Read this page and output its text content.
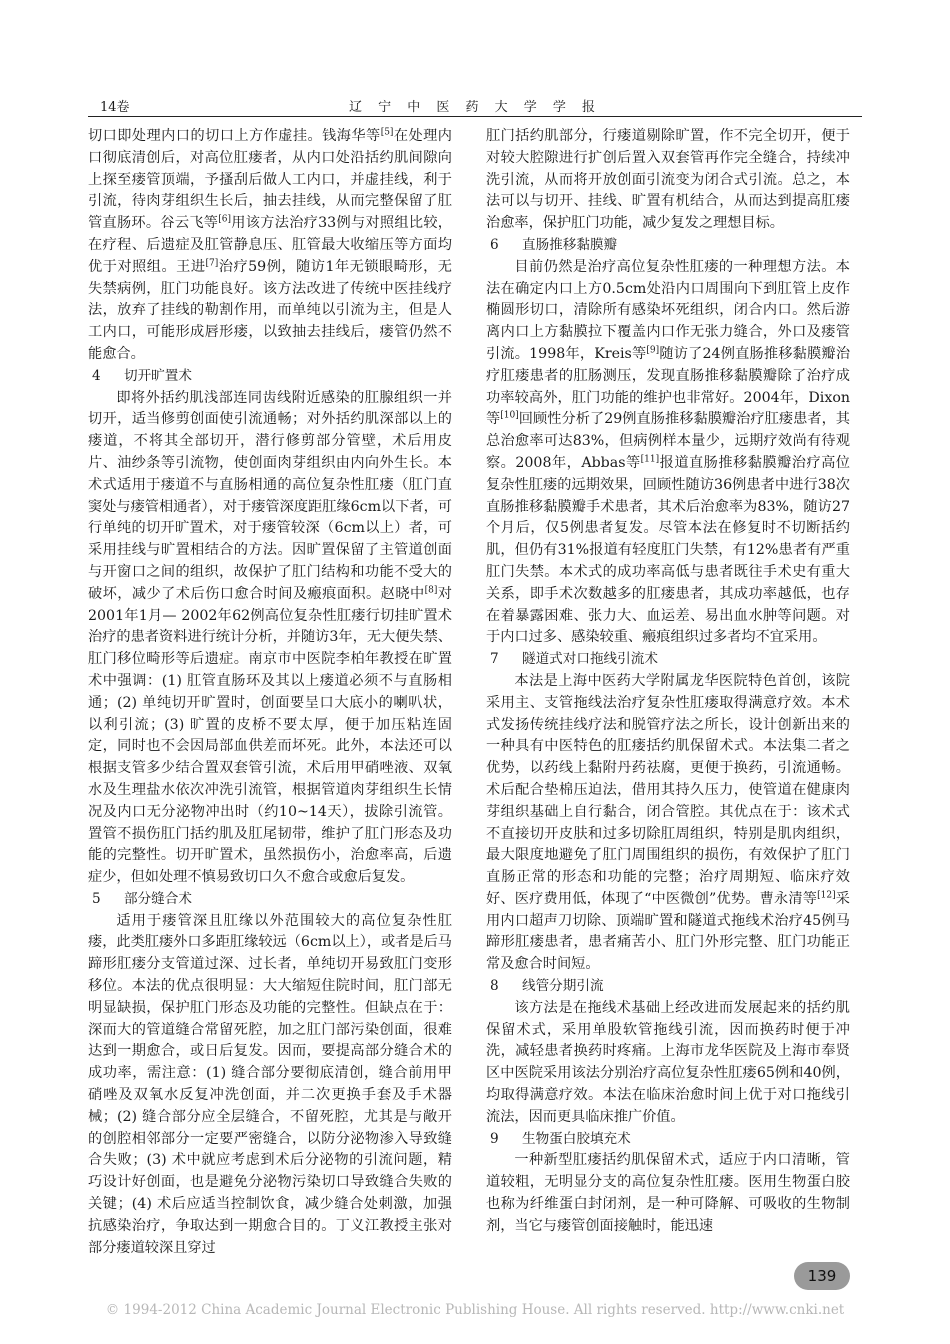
14卷	辽 宁 中 医 药 大 学 学 报

切口即处理内口的切口上方作虚挂。钱海华等[5]在处理内口彻底清创后，对高位肛瘘者，从内口处沿括约肌间隙向上探至瘘管顶端，予搔刮后做人工内口，并虚挂线，利于引流，待肉芽组织生长后，抽去挂线，从而完整保留了肛管直肠环。谷云飞等[6]用该方法治疗33例与对照组比较，在疗程、后遗症及肛管静息压、肛管最大收缩压等方面均优于对照组。王进[7]治疗59例，随访1年无锁眼畸形，无失禁病例，肛门功能良好。该方法改进了传统中医挂线疗法，放弃了挂线的勒割作用，而单纯以引流为主，但是人工内口，可能形成唇形瘘，以致抽去挂线后，瘘管仍然不能愈合。

4 切开旷置术

即将外括约肌浅部连同齿线附近感染的肛腺组织一并切开，适当修剪创面使引流通畅；对外括约肌深部以上的瘘道，不将其全部切开，潜行修剪部分管壁，术后用皮片、油纱条等引流物，使创面肉芽组织由内向外生长。本术式适用于瘘道不与直肠相通的高位复杂性肛瘘（肛门直窦处与瘘管相通者），对于瘘管深度距肛缘6cm以下者，可行单纯的切开旷置术，对于瘘管较深（6cm以上）者，可采用挂线与旷置相结合的方法。因旷置保留了主管道创面与开窗口之间的组织，故保护了肛门结构和功能不受大的破坏，减少了术后伤口愈合时间及瘢痕面积。赵晓中[8]对2001年1月— 2002年62例高位复杂性肛瘘行切挂旷置术治疗的患者资料进行统计分析，并随访3年，无大便失禁、肛门移位畸形等后遗症。南京市中医院李柏年教授在旷置术中强调：(1) 肛管直肠环及其以上瘘道必须不与直肠相通；(2) 单纯切开旷置时，创面要呈口大底小的喇叭状，以利引流；(3) 旷置的皮桥不要太厚，便于加压粘连固定，同时也不会因局部血供差而坏死。此外，本法还可以根据支管多少结合置双套管引流，术后用甲硝唑液、双氧水及生理盐水依次冲洗引流管，根据管道肉芽组织生长情况及内口无分泌物冲出时（约10~14天），拔除引流管。置管不损伤肛门括约肌及肛尾韧带，维护了肛门形态及功能的完整性。切开旷置术，虽然损伤小，治愈率高，后遗症少，但如处理不慎易致切口久不愈合或愈后复发。

5 部分缝合术

适用于瘘管深且肛缘以外范围较大的高位复杂性肛瘘，此类肛瘘外口多距肛缘较远（6cm以上），或者是后马蹄形肛瘘分支管道过深、过长者，单纯切开易致肛门变形移位。本法的优点很明显：大大缩短住院时间，肛门部无明显缺损，保护肛门形态及功能的完整性。但缺点在于：深而大的管道缝合常留死腔，加之肛门部污染创面，很难达到一期愈合，或日后复发。因而，要提高部分缝合术的成功率，需注意：(1) 缝合部分要彻底清创，缝合前用甲硝唑及双氧水反复冲洗创面，并二次更换手套及手术器械；(2) 缝合部分应全层缝合，不留死腔，尤其是与敞开的创腔相邻部分一定要严密缝合，以防分泌物渗入导致缝合失败；(3) 术中就应考虑到术后分泌物的引流问题，精巧设计好创面，也是避免分泌物污染切口导致缝合失败的关键；(4) 术后应适当控制饮食，减少缝合处刺激，加强抗感染治疗，争取达到一期愈合目的。丁义江教授主张对部分瘘道较深且穿过

肛门括约肌部分，行瘘道剔除旷置，作不完全切开，便于对较大腔隙进行扩创后置入双套管再作完全缝合，持续冲洗引流，从而将开放创面引流变为闭合式引流。总之，本法可以与切开、挂线、旷置有机结合，从而达到提高肛瘘治愈率，保护肛门功能，减少复发之理想目标。

6 直肠推移黏膜瓣

目前仍然是治疗高位复杂性肛瘘的一种理想方法。本法在确定内口上方0.5cm处沿内口周围向下到肛管上皮作椭圆形切口，清除所有感染坏死组织，闭合内口。然后游离内口上方黏膜拉下覆盖内口作无张力缝合，外口及瘘管引流。1998年，Kreis等[9]随访了24例直肠推移黏膜瓣治疗肛瘘患者的肛肠测压，发现直肠推移黏膜瓣除了治疗成功率较高外，肛门功能的维护也非常好。2004年，Dixon等[10]回顾性分析了29例直肠推移黏膜瓣治疗肛瘘患者，其总治愈率可达83%，但病例样本量少，远期疗效尚有待观察。2008年，Abbas等[11]报道直肠推移黏膜瓣治疗高位复杂性肛瘘的远期效果，回顾性随访36例患者中进行38次直肠推移黏膜瓣手术患者，其术后治愈率为83%，随访27个月后，仅5例患者复发。尽管本法在修复时不切断括约肌，但仍有31%报道有轻度肛门失禁，有12%患者有严重肛门失禁。本术式的成功率高低与患者既往手术史有重大关系，即手术次数越多的肛瘘患者，其成功率越低，也存在着暴露困难、张力大、血运差、易出血水肿等问题。对于内口过多、感染较重、瘢痕组织过多者均不宜采用。

7 隧道式对口拖线引流术

本法是上海中医药大学附属龙华医院特色首创，该院采用主、支管拖线法治疗复杂性肛瘘取得满意疗效。本术式发扬传统挂线疗法和脱管疗法之所长，设计创新出来的一种具有中医特色的肛瘘括约肌保留术式。本法集二者之优势，以药线上黏附丹药祛腐，更便于换药，引流通畅。术后配合垫棉压迫法，借用其持久压力，使管道在健康肉芽组织基础上自行黏合，闭合管腔。其优点在于：该术式不直接切开皮肤和过多切除肛周组织，特别是肌肉组织，最大限度地避免了肛门周围组织的损伤，有效保护了肛门直肠正常的形态和功能的完整；治疗周期短、临床疗效好、医疗费用低，体现了“中医微创”优势。曹永清等[12]采用内口超声刀切除、顶端旷置和隧道式拖线术治疗45例马蹄形肛瘘患者，患者痛苦小、肛门外形完整、肛门功能正常及愈合时间短。

8 线管分期引流

该方法是在拖线术基础上经改进而发展起来的括约肌保留术式，采用单股软管拖线引流，因而换药时便于冲洗，减轻患者换药时疼痛。上海市龙华医院及上海市奉贤区中医院采用该法分别治疗高位复杂性肛瘘65例和40例，均取得满意疗效。本法在临床治愈时间上优于对口拖线引流法，因而更具临床推广价值。

9 生物蛋白胶填充术

一种新型肛瘘括约肌保留术式，适应于内口清晰，管道较粗，无明显分支的高位复杂性肛瘘。医用生物蛋白胶也称为纤维蛋白封闭剂，是一种可降解、可吸收的生物制剂，当它与瘘管创面接触时，能迅速

139
© 1994-2012 China Academic Journal Electronic Publishing House. All rights reserved. http://www.cnki.net
